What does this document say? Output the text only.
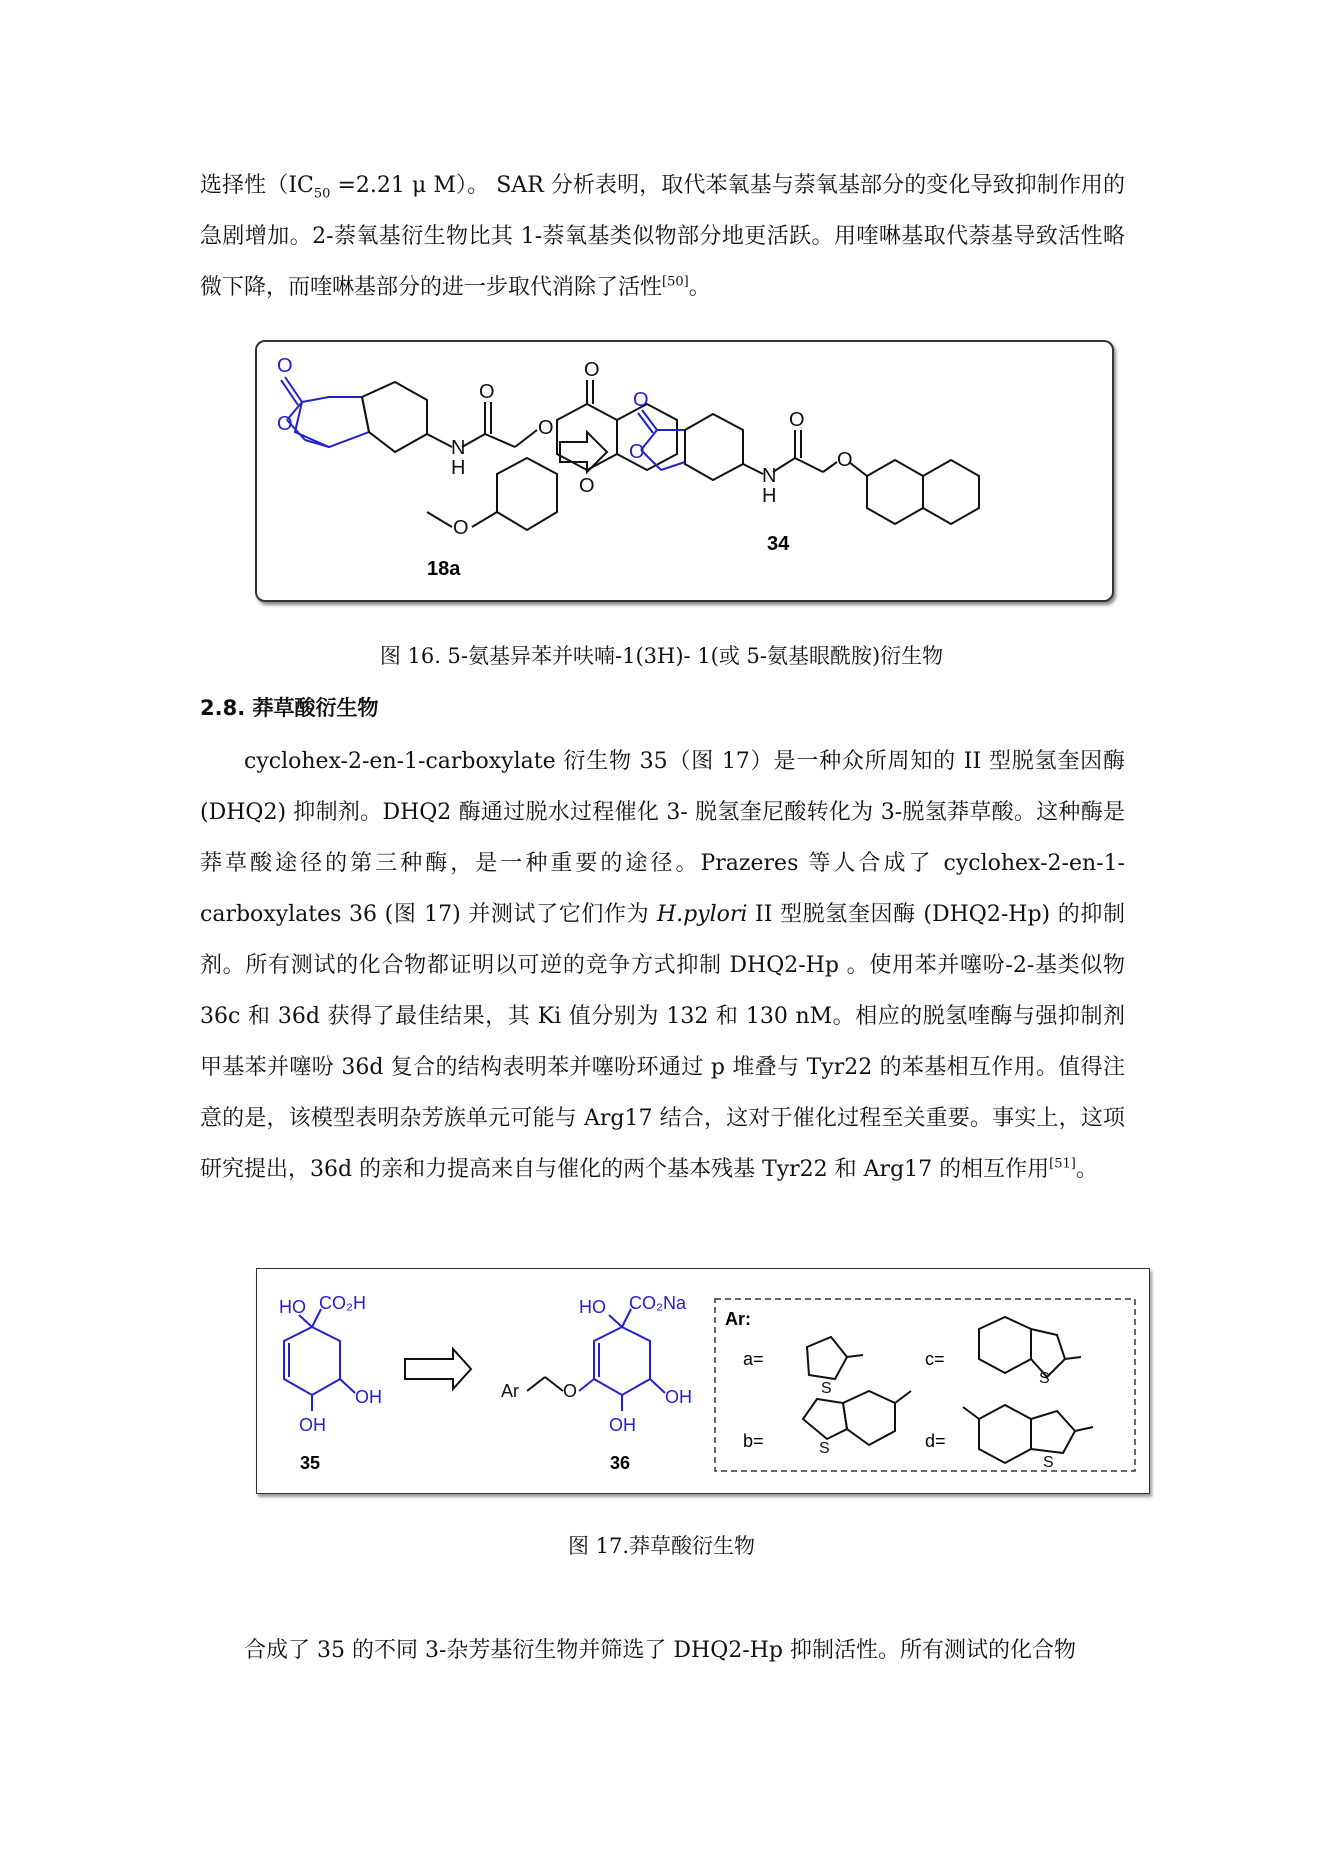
选择性（$IC_{50} =2.21$ μ M）。 SAR 分析表明，取代苯氧基与萘氧基部分的变化导致抑制作用的急剧增加。2-萘氧基衍生物比其 1-萘氧基类似物部分地更活跃。用喹啉基取代萘基导致活性略微下降，而喹啉基部分的进一步取代消除了活性[50]。

O
O
O
O
N
H
O
O
O
O
O
O
N
H
O
18a
34
图 16. 5-氨基异苯并呋喃-1(3H)- 1(或 5-氨基眼酰胺)衍生物
2.8. 莽草酸衍生物

cyclohex-2-en-1-carboxylate 衍生物 35（图 17）是一种众所周知的 II 型脱氢奎因酶 (DHQ2) 抑制剂。DHQ2 酶通过脱水过程催化 3- 脱氢奎尼酸转化为 3-脱氢莽草酸。这种酶是莽草酸途径的第三种酶，是一种重要的途径。Prazeres 等人合成了 cyclohex-2-en-1-carboxylates 36 (图 17) 并测试了它们作为 H.pylori II 型脱氢奎因酶 (DHQ2-Hp) 的抑制剂。所有测试的化合物都证明以可逆的竞争方式抑制 DHQ2-Hp 。使用苯并噻吩-2-基类似物 36c 和 36d 获得了最佳结果，其 Ki 值分别为 132 和 130 nM。相应的脱氢喹酶与强抑制剂甲基苯并噻吩 36d 复合的结构表明苯并噻吩环通过 p 堆叠与 Tyr22 的苯基相互作用。值得注意的是，该模型表明杂芳族单元可能与 Arg17 结合，这对于催化过程至关重要。事实上，这项研究提出，36d 的亲和力提高来自与催化的两个基本残基 Tyr22 和 Arg17 的相互作用[51]。

HO CO₂H
OH
OH
35
HO CO₂Na
OH
OH
O
Ar
36
Ar:
a=
b=
c=
d=
S
S
S
S
图 17.莽草酸衍生物

合成了 35 的不同 3-杂芳基衍生物并筛选了 DHQ2-Hp 抑制活性。所有测试的化合物
